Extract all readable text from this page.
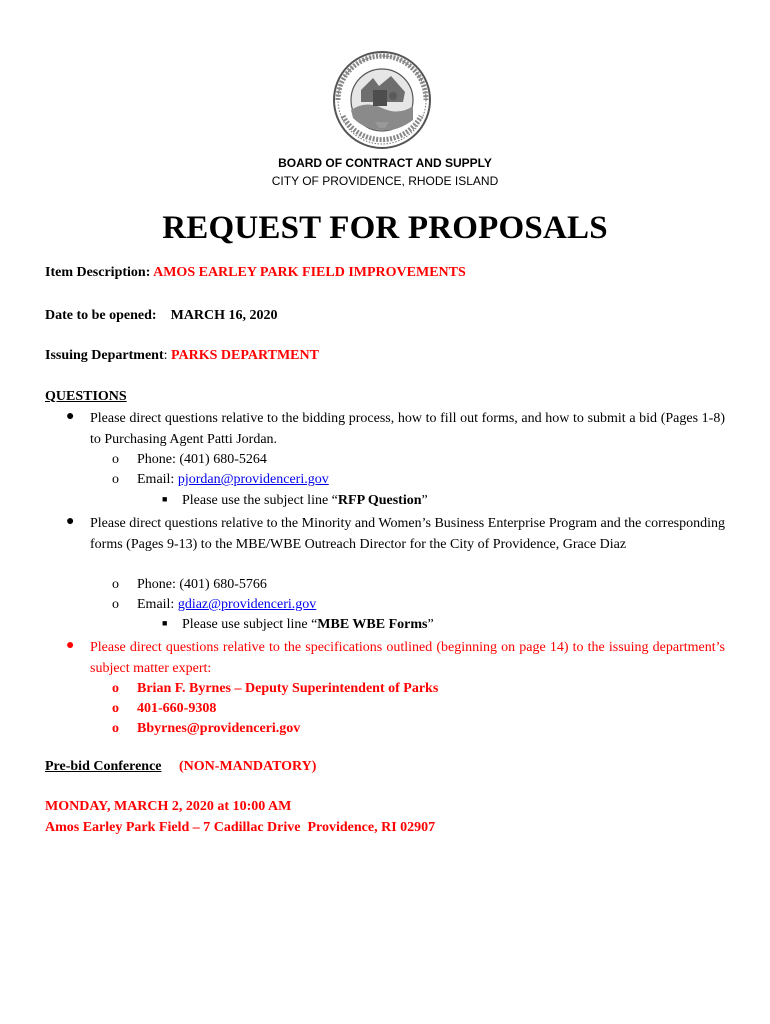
BOARD OF CONTRACT AND SUPPLY
CITY OF PROVIDENCE, RHODE ISLAND
REQUEST FOR PROPOSALS
Item Description: AMOS EARLEY PARK FIELD IMPROVEMENTS
Date to be opened: MARCH 16, 2020
Issuing Department: PARKS DEPARTMENT
QUESTIONS
● Please direct questions relative to the bidding process, how to fill out forms, and how to submit a bid (Pages 1-8) to Purchasing Agent Patti Jordan.
o Phone: (401) 680-5264
o Email: pjordan@providenceri.gov
■ Please use the subject line “RFP Question”
● Please direct questions relative to the Minority and Women’s Business Enterprise Program and the corresponding forms (Pages 9-13) to the MBE/WBE Outreach Director for the City of Providence, Grace Diaz
o Phone: (401) 680-5766
o Email: gdiaz@providenceri.gov
■ Please use subject line “MBE WBE Forms”
● Please direct questions relative to the specifications outlined (beginning on page 14) to the issuing department’s subject matter expert:
o Brian F. Byrnes – Deputy Superintendent of Parks
o 401-660-9308
o Bbyrnes@providenceri.gov
Pre-bid Conference (NON-MANDATORY)
MONDAY, MARCH 2, 2020 at 10:00 AM
Amos Earley Park Field – 7 Cadillac Drive  Providence, RI 02907
